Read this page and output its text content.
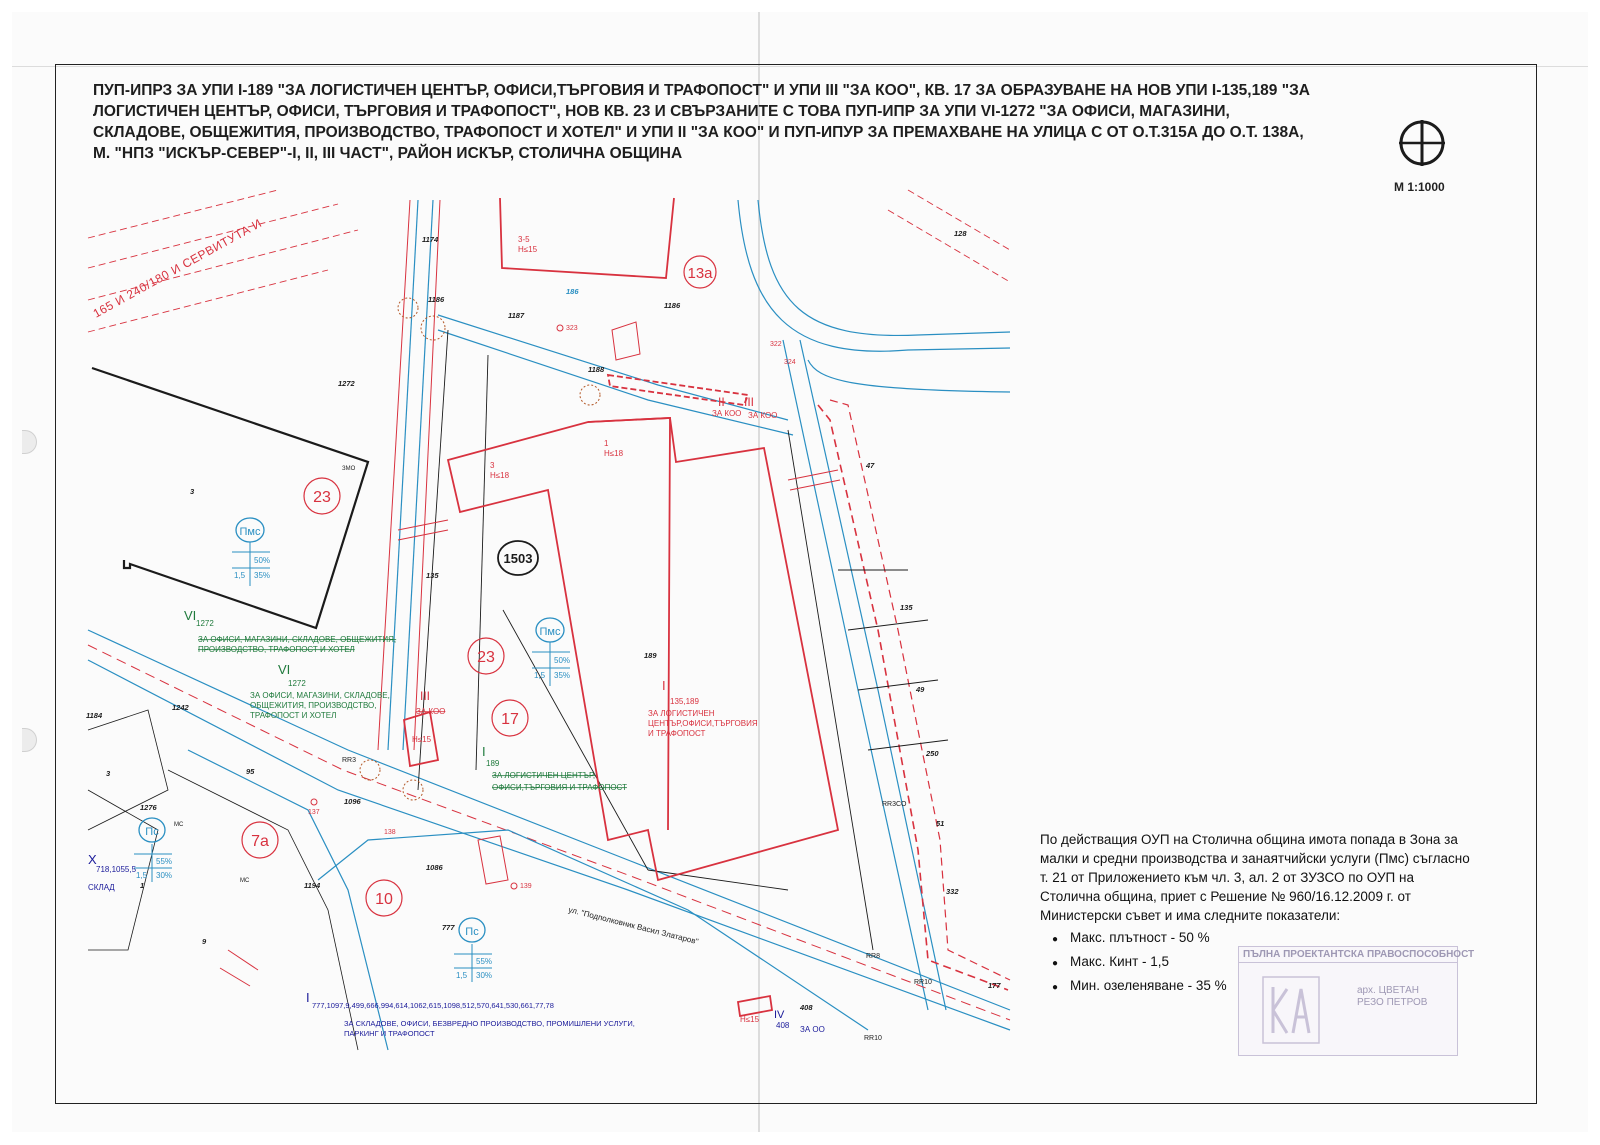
ПУП-ИПРЗ ЗА УПИ І-189 "ЗА ЛОГИСТИЧЕН ЦЕНТЪР, ОФИСИ,ТЪРГОВИЯ И ТРАФОПОСТ" И УПИ ІІІ "ЗА КОО", КВ. 17 ЗА ОБРАЗУВАНЕ НА НОВ УПИ І-135,189 "ЗА
ЛОГИСТИЧЕН ЦЕНТЪР, ОФИСИ, ТЪРГОВИЯ И ТРАФОПОСТ", НОВ КВ. 23 И СВЪРЗАНИТЕ С ТОВА ПУП-ИПР ЗА УПИ VІ-1272 "ЗА ОФИСИ, МАГАЗИНИ,
СКЛАДОВЕ, ОБЩЕЖИТИЯ, ПРОИЗВОДСТВО, ТРАФОПОСТ И ХОТЕЛ" И УПИ ІІ "ЗА КОО" И ПУП-ИПУР ЗА ПРЕМАХВАНЕ НА УЛИЦА С ОТ О.Т.315А ДО О.Т. 138А,
М. "НПЗ "ИСКЪР-СЕВЕР"-І, ІІ, ІІІ ЧАСТ", РАЙОН ИСКЪР, СТОЛИЧНА ОБЩИНА
М 1:1000
165 И 240/180 И СЕРВИТУТА И	13а
23
23
17
7а
10
1503
Пмс
50%
1,5 35%
Пмс
50%
1,5 35%
Пс
55%
1,5 30%
Пс
55%
1,5 30%
VI
1272
ЗА ОФИСИ, МАГАЗИНИ, СКЛАДОВЕ, ОБЩЕЖИТИЯ,
ПРОИЗВОДСТВО, ТРАФОПОСТ И ХОТЕЛ
VI
1272
ЗА ОФИСИ, МАГАЗИНИ, СКЛАДОВЕ,
ОБЩЕЖИТИЯ, ПРОИЗВОДСТВО,
ТРАФОПОСТ И ХОТЕЛ
I
135,189
ЗА ЛОГИСТИЧЕН
ЦЕНТЪР,ОФИСИ,ТЪРГОВИЯ
И ТРАФОПОСТ
I
189
ЗА ЛОГИСТИЧЕН ЦЕНТЪР,
ОФИСИ,ТЪРГОВИЯ И ТРАФОПОСТ
III
ЗА КОО
II
ЗА КОО
III
ЗА КОО
I
777,1097,9,499,666,994,614,1062,615,1098,512,570,641,530,661,77,78
ЗА СКЛАДОВЕ, ОФИСИ, БЕЗВРЕДНО ПРОИЗВОДСТВО, ПРОМИШЛЕНИ УСЛУГИ,
ПАРКИНГ И ТРАФОПОСТ
IV
408 ЗА ОО
X
718,1055,5
СКЛАД
ЗМО
МС
МС
ул. "Подполковник Васил Златаров"
3-5
H≤15
1
H≤18
3
H≤18
H≤15
H≤15
1186
186
1187
1188
1272
1174
135
135
189
47
49
250
51
332
177
128
1242
1184
1276
1096
1086
95
1194
777
408
9
3
3
1
1186
323
324
322
137
138
139
RR3
RR8
RR10
RR10
RR3CO
По действащия ОУП на Столична община имота попада в Зона за малки и средни производства и занаятчийски услуги (Пмс) съгласно т. 21 от Приложението към чл. 3, ал. 2 от ЗУЗСО по ОУП на Столична община, приет с Решение № 960/16.12.2009 г. от Министерски съвет и има следните показатели:
● Макс. плътност - 50 %
● Макс. Кинт - 1,5
● Мин. озеленяване - 35 %
ПЪЛНА ПРОЕКТАНТСКА ПРАВОСПОСОБНОСТ
арх. ЦВЕТАН
РЕЗО ПЕТРОВ
